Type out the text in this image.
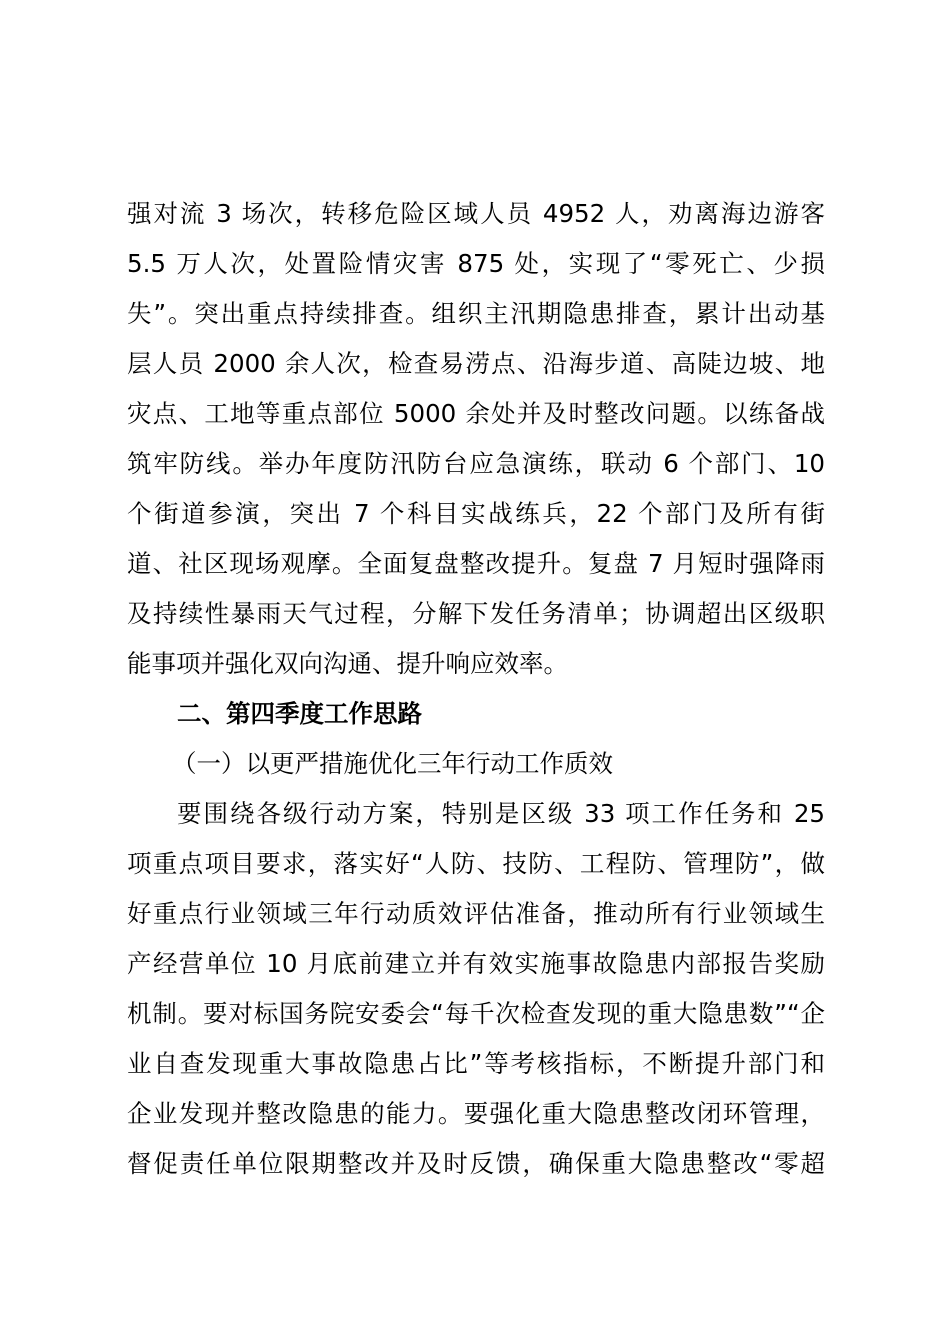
强对流 3 场次，转移危险区域人员 4952 人，劝离海边游客
5.5 万人次，处置险情灾害 875 处，实现了“零死亡、少损
失”。突出重点持续排查。组织主汛期隐患排查，累计出动基
层人员 2000 余人次，检查易涝点、沿海步道、高陡边坡、地
灾点、工地等重点部位 5000 余处并及时整改问题。以练备战
筑牢防线。举办年度防汛防台应急演练，联动 6 个部门、10
个街道参演，突出 7 个科目实战练兵，22 个部门及所有街
道、社区现场观摩。全面复盘整改提升。复盘 7 月短时强降雨
及持续性暴雨天气过程，分解下发任务清单；协调超出区级职
能事项并强化双向沟通、提升响应效率。
二、第四季度工作思路
（一）以更严措施优化三年行动工作质效
要围绕各级行动方案，特别是区级 33 项工作任务和 25
项重点项目要求，落实好“人防、技防、工程防、管理防”，做
好重点行业领域三年行动质效评估准备，推动所有行业领域生
产经营单位 10 月底前建立并有效实施事故隐患内部报告奖励
机制。要对标国务院安委会“每千次检查发现的重大隐患数”“企
业自查发现重大事故隐患占比”等考核指标，不断提升部门和
企业发现并整改隐患的能力。要强化重大隐患整改闭环管理，
督促责任单位限期整改并及时反馈，确保重大隐患整改“零超
